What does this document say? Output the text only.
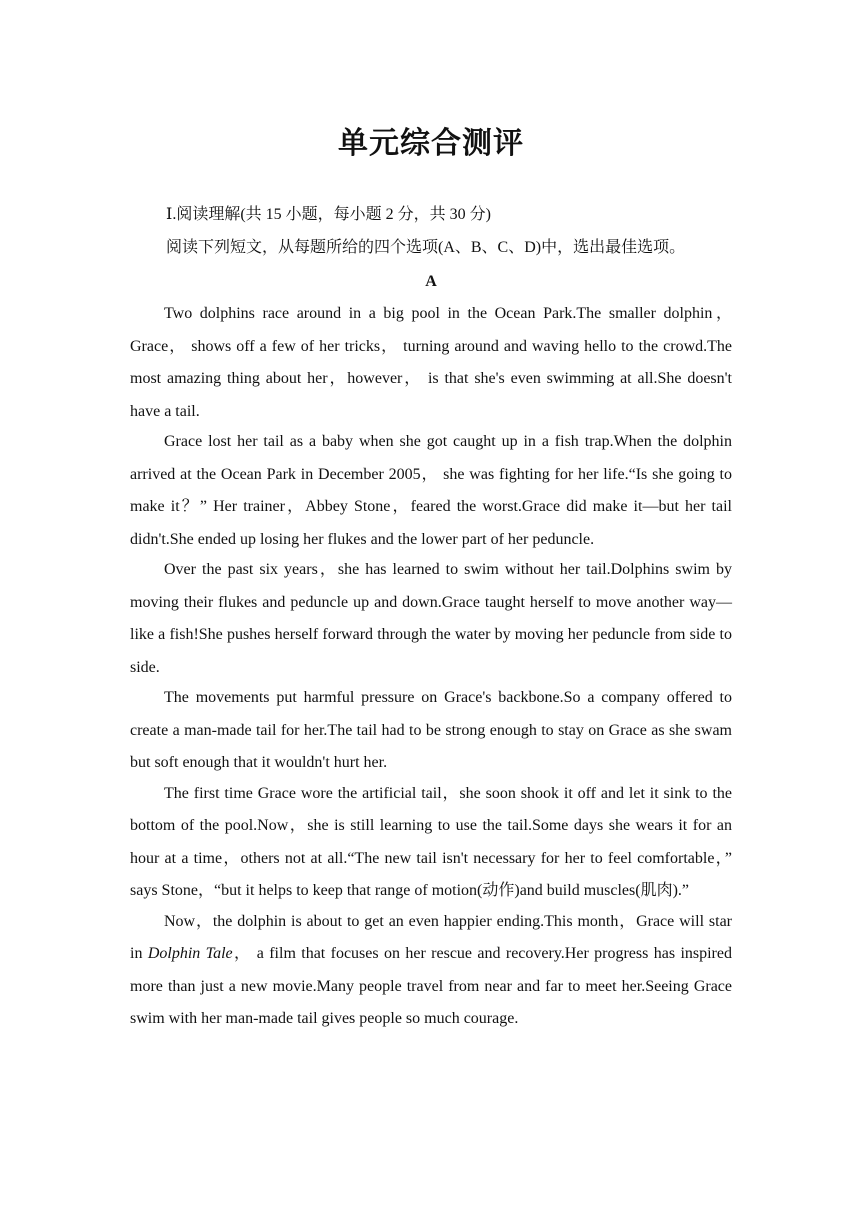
单元综合测评
Ⅰ.阅读理解(共 15 小题，每小题 2 分，共 30 分)
阅读下列短文，从每题所给的四个选项(A、B、C、D)中，选出最佳选项。
A

Two dolphins race around in a big pool in the Ocean Park.The smaller dolphin，Grace， shows off a few of her tricks， turning around and waving hello to the crowd.The most amazing thing about her，however， is that she's even swimming at all.She doesn't have a tail.

Grace lost her tail as a baby when she got caught up in a fish trap.When the dolphin arrived at the Ocean Park in December 2005， she was fighting for her life.“Is she going to make it？” Her trainer，Abbey Stone，feared the worst.Grace did make it—but her tail didn't.She ended up losing her flukes and the lower part of her peduncle.

Over the past six years，she has learned to swim without her tail.Dolphins swim by moving their flukes and peduncle up and down.Grace taught herself to move another way—like a fish!She pushes herself forward through the water by moving her peduncle from side to side.

The movements put harmful pressure on Grace's backbone.So a company offered to create a man-made tail for her.The tail had to be strong enough to stay on Grace as she swam but soft enough that it wouldn't hurt her.

The first time Grace wore the artificial tail，she soon shook it off and let it sink to the bottom of the pool.Now，she is still learning to use the tail.Some days she wears it for an hour at a time，others not at all.“The new tail isn't necessary for her to feel comfortable，” says Stone，“but it helps to keep that range of motion(动作)and build muscles(肌肉).”

Now，the dolphin is about to get an even happier ending.This month，Grace will star in Dolphin Tale， a film that focuses on her rescue and recovery.Her progress has inspired more than just a new movie.Many people travel from near and far to meet her.Seeing Grace swim with her man-made tail gives people so much courage.
